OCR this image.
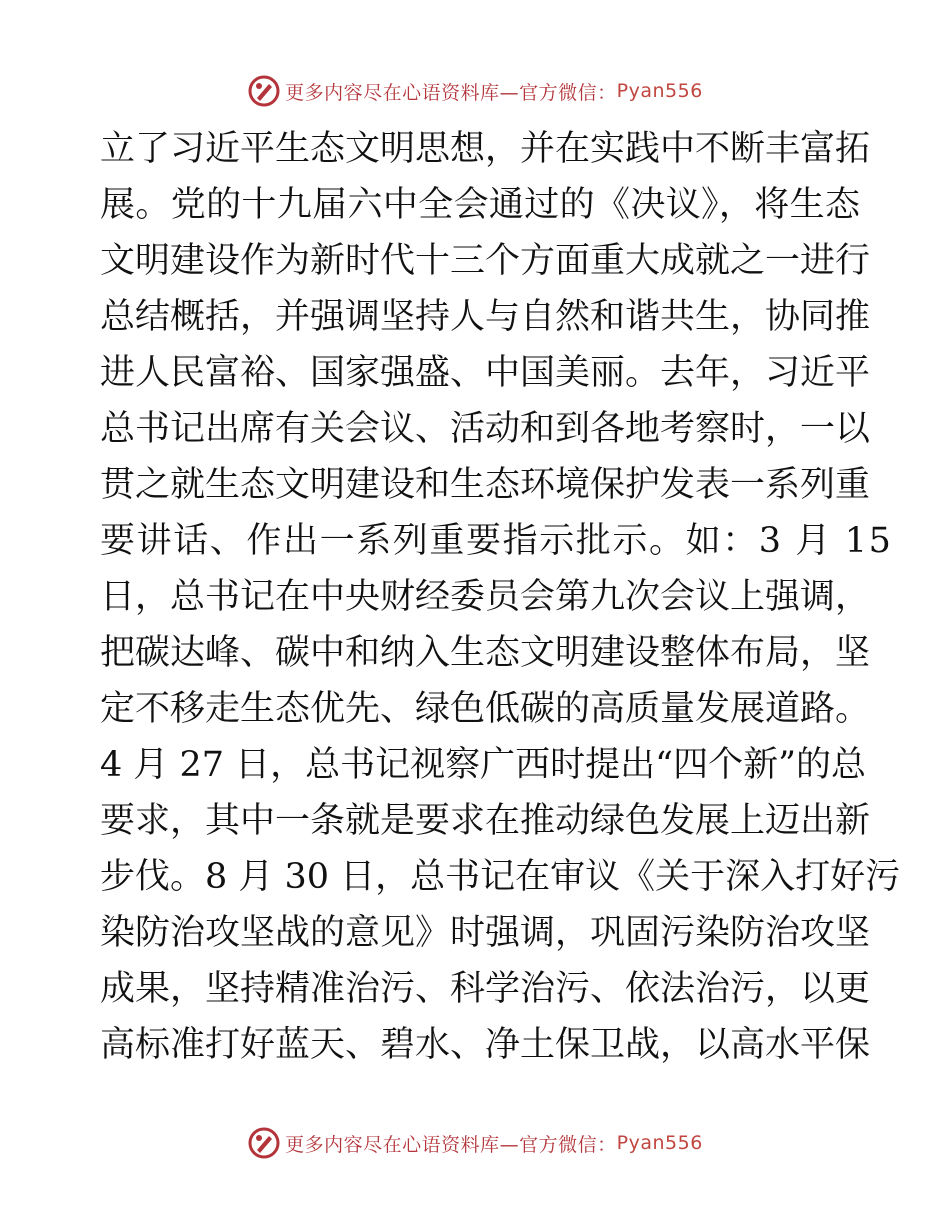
更多内容尽在心语资料库—官方微信： Pyan556
立了习近平生态文明思想，并在实践中不断丰富拓
展。党的十九届六中全会通过的《决议》，将生态
文明建设作为新时代十三个方面重大成就之一进行
总结概括，并强调坚持人与自然和谐共生，协同推
进人民富裕、国家强盛、中国美丽。去年，习近平
总书记出席有关会议、活动和到各地考察时，一以
贯之就生态文明建设和生态环境保护发表一系列重
要讲话、作出一系列重要指示批示。如：3 月 15
日，总书记在中央财经委员会第九次会议上强调，
把碳达峰、碳中和纳入生态文明建设整体布局，坚
定不移走生态优先、绿色低碳的高质量发展道路。
4 月 27 日，总书记视察广西时提出“四个新”的总
要求，其中一条就是要求在推动绿色发展上迈出新
步伐。8 月 30 日，总书记在审议《关于深入打好污
染防治攻坚战的意见》时强调，巩固污染防治攻坚
成果，坚持精准治污、科学治污、依法治污，以更
高标准打好蓝天、碧水、净土保卫战，以高水平保
更多内容尽在心语资料库—官方微信： Pyan556
